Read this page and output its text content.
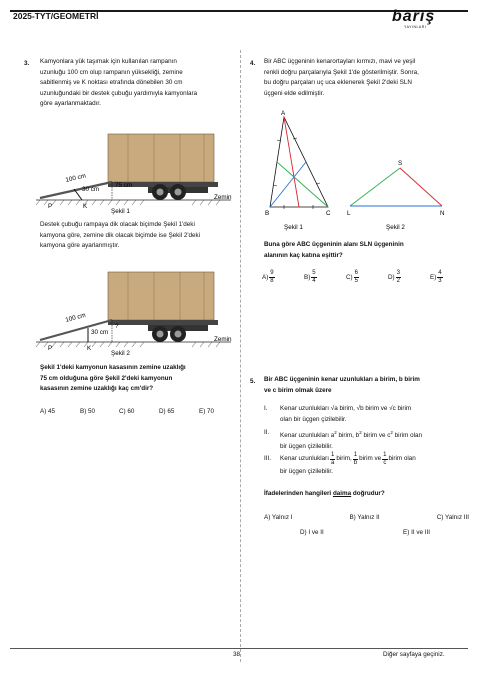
2025-TYT/GEOMETRİ	barış
YAYINLARI
3. Kamyonlara yük taşımak için kullanılan rampanın
uzunluğu 100 cm olup rampanın yüksekliği, zemine
sabitlenmiş ve K noktası etrafında dönebilen 30 cm
uzunluğundaki bir destek çubuğu yardımıyla kamyonlara
göre ayarlanmaktadır.
100 cm
30 cm
75 cm
Zemin
P	K
Şekil 1
Destek çubuğu rampaya dik olacak biçimde Şekil 1'deki
kamyona göre, zemine dik olacak biçimde ise Şekil 2'deki
kamyona göre ayarlanmıştır.
100 cm
30 cm
?
Zemin
P	K
Şekil 2
Şekil 1'deki kamyonun kasasının zemine uzaklığı
75 cm olduğuna göre Şekil 2'deki kamyonun
kasasının zemine uzaklığı kaç cm'dir?
A) 45	B) 50	C) 60	D) 65	E) 70
4. Bir ABC üçgeninin kenarortayları kırmızı, mavi ve yeşil
renkli doğru parçalarıyla Şekil 1'de gösterilmiştir. Sonra,
bu doğru parçaları uç uca eklenerek Şekil 2'deki SLN
üçgeni elde edilmiştir.
A
B	C
Şekil 1
S
L	N
Şekil 2
Buna göre ABC üçgeninin alanı SLN üçgeninin
alanının kaç katına eşittir?
$A) \frac{9}{8}$	$B) \frac{5}{4}$	$C) \frac{6}{5}$	$D) \frac{3}{2}$	$E) \frac{4}{3}$
5. Bir ABC üçgeninin kenar uzunlukları a birim, b birim
ve c birim olmak üzere
I.	Kenar uzunlukları √a birim, √b birim ve √c birim
olan bir üçgen çizilebilir.
II.	Kenar uzunlukları $a^2$ birim, $b^2$ birim ve $c^2$ birim olan
bir üçgen çizilebilir.
III.	Kenar uzunlukları $\frac{1}{a}$ birim, $\frac{1}{b}$ birim ve $\frac{1}{c}$ birim olan
bir üçgen çizilebilir.
İfadelerinden hangileri daima doğrudur?
A) Yalnız I	B) Yalnız II	C) Yalnız III
D) I ve II	E) II ve III
38	Diğer sayfaya geçiniz.
